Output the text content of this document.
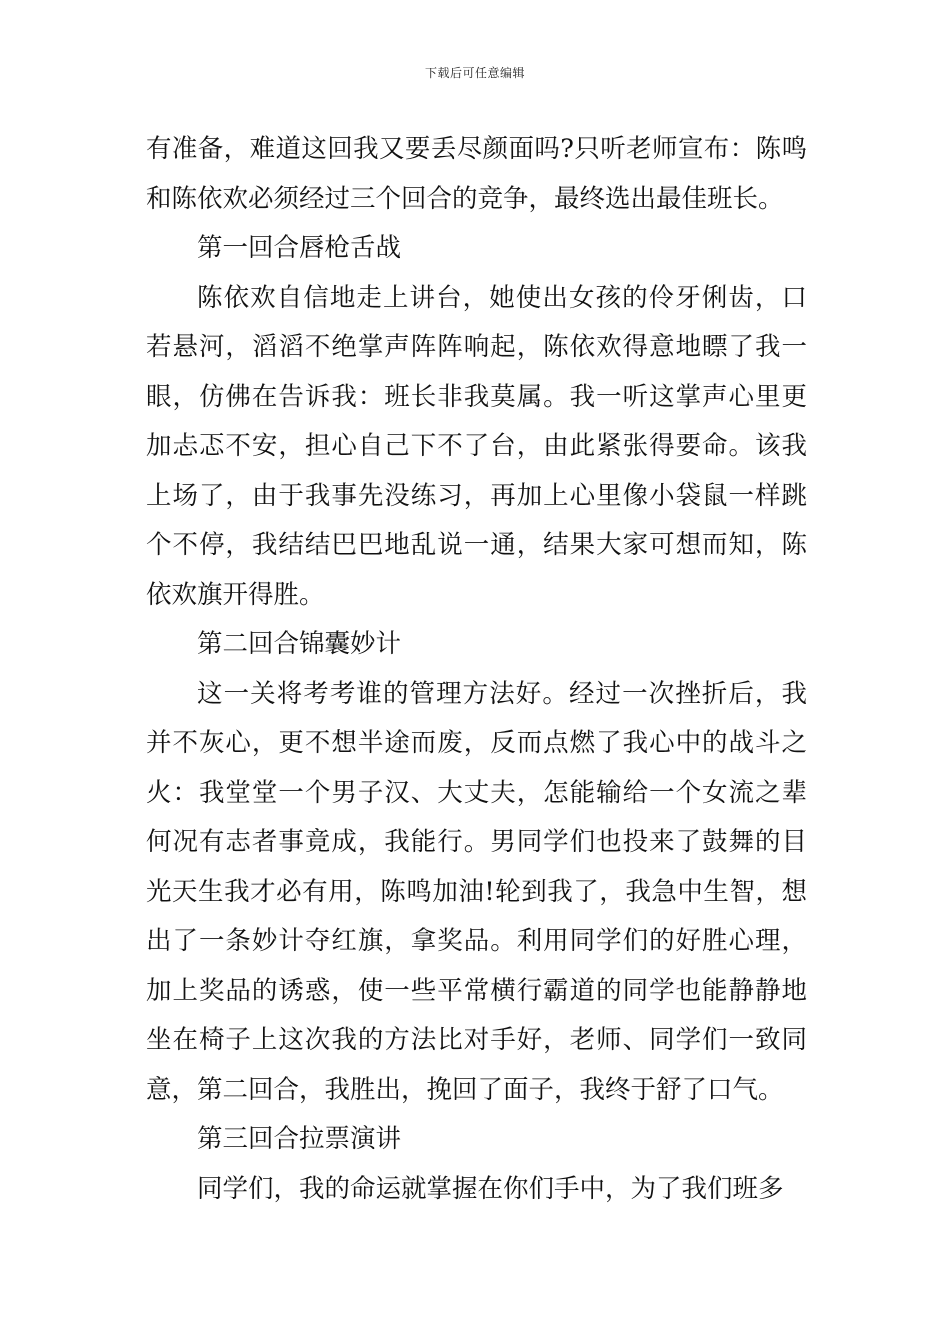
下载后可任意编辑

有准备，难道这回我又要丢尽颜面吗?只听老师宣布：陈鸣和陈依欢必须经过三个回合的竞争，最终选出最佳班长。

第一回合唇枪舌战

陈依欢自信地走上讲台，她使出女孩的伶牙俐齿，口若悬河，滔滔不绝掌声阵阵响起，陈依欢得意地瞟了我一眼，仿佛在告诉我：班长非我莫属。我一听这掌声心里更加忐忑不安，担心自己下不了台，由此紧张得要命。该我上场了，由于我事先没练习，再加上心里像小袋鼠一样跳个不停，我结结巴巴地乱说一通，结果大家可想而知，陈依欢旗开得胜。

第二回合锦囊妙计

这一关将考考谁的管理方法好。经过一次挫折后，我并不灰心，更不想半途而废，反而点燃了我心中的战斗之火：我堂堂一个男子汉、大丈夫，怎能输给一个女流之辈何况有志者事竟成，我能行。男同学们也投来了鼓舞的目光天生我才必有用，陈鸣加油!轮到我了，我急中生智，想出了一条妙计夺红旗，拿奖品。利用同学们的好胜心理，加上奖品的诱惑，使一些平常横行霸道的同学也能静静地坐在椅子上这次我的方法比对手好，老师、同学们一致同意，第二回合，我胜出，挽回了面子，我终于舒了口气。

第三回合拉票演讲

同学们，我的命运就掌握在你们手中，为了我们班多
